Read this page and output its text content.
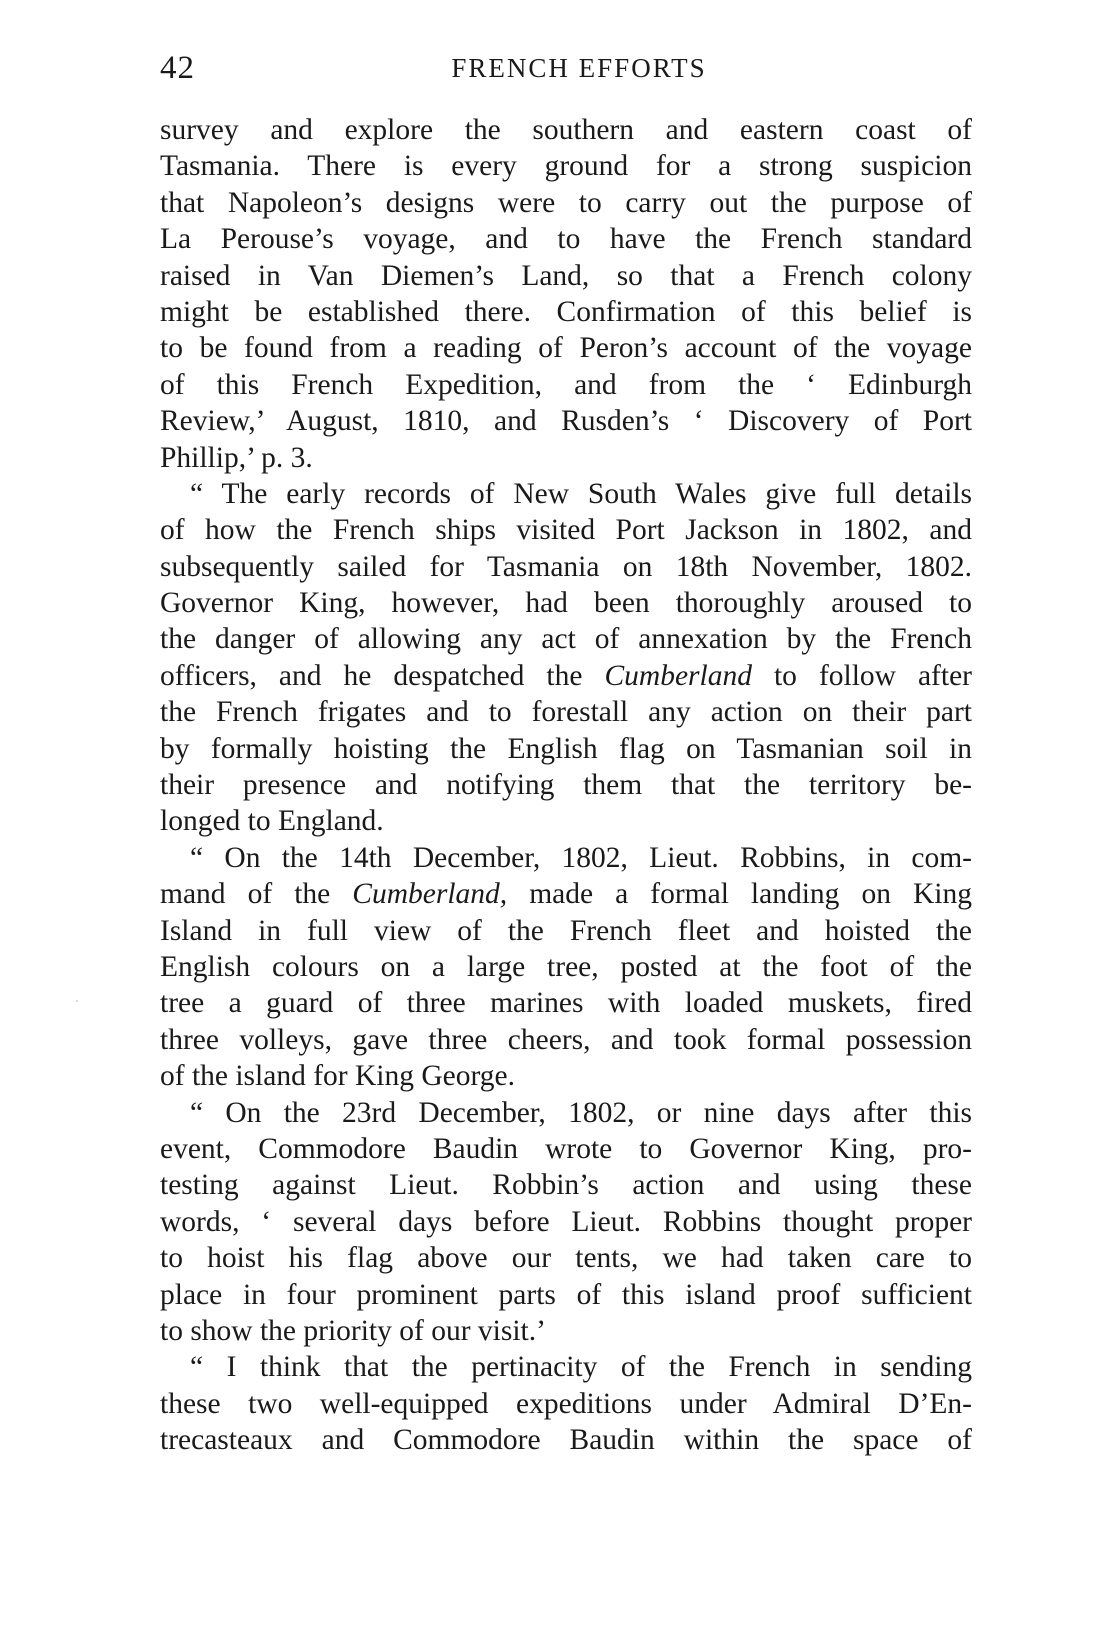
42	FRENCH EFFORTS
survey and explore the southern and eastern coast of
Tasmania. There is every ground for a strong suspicion
that Napoleon’s designs were to carry out the purpose of
La Perouse’s voyage, and to have the French standard
raised in Van Diemen’s Land, so that a French colony
might be established there. Confirmation of this belief is
to be found from a reading of Peron’s account of the voyage
of this French Expedition, and from the ‘ Edinburgh
Review,’ August, 1810, and Rusden’s ‘ Discovery of Port
Phillip,’ p. 3.
“ The early records of New South Wales give full details
of how the French ships visited Port Jackson in 1802, and
subsequently sailed for Tasmania on 18th November, 1802.
Governor King, however, had been thoroughly aroused to
the danger of allowing any act of annexation by the French
officers, and he despatched the Cumberland to follow after
the French frigates and to forestall any action on their part
by formally hoisting the English flag on Tasmanian soil in
their presence and notifying them that the territory be-
longed to England.
“ On the 14th December, 1802, Lieut. Robbins, in com-
mand of the Cumberland, made a formal landing on King
Island in full view of the French fleet and hoisted the
English colours on a large tree, posted at the foot of the
tree a guard of three marines with loaded muskets, fired
three volleys, gave three cheers, and took formal possession
of the island for King George.
“ On the 23rd December, 1802, or nine days after this
event, Commodore Baudin wrote to Governor King, pro-
testing against Lieut. Robbin’s action and using these
words, ‘ several days before Lieut. Robbins thought proper
to hoist his flag above our tents, we had taken care to
place in four prominent parts of this island proof sufficient
to show the priority of our visit.’
“ I think that the pertinacity of the French in sending
these two well-equipped expeditions under Admiral D’En-
trecasteaux and Commodore Baudin within the space of
